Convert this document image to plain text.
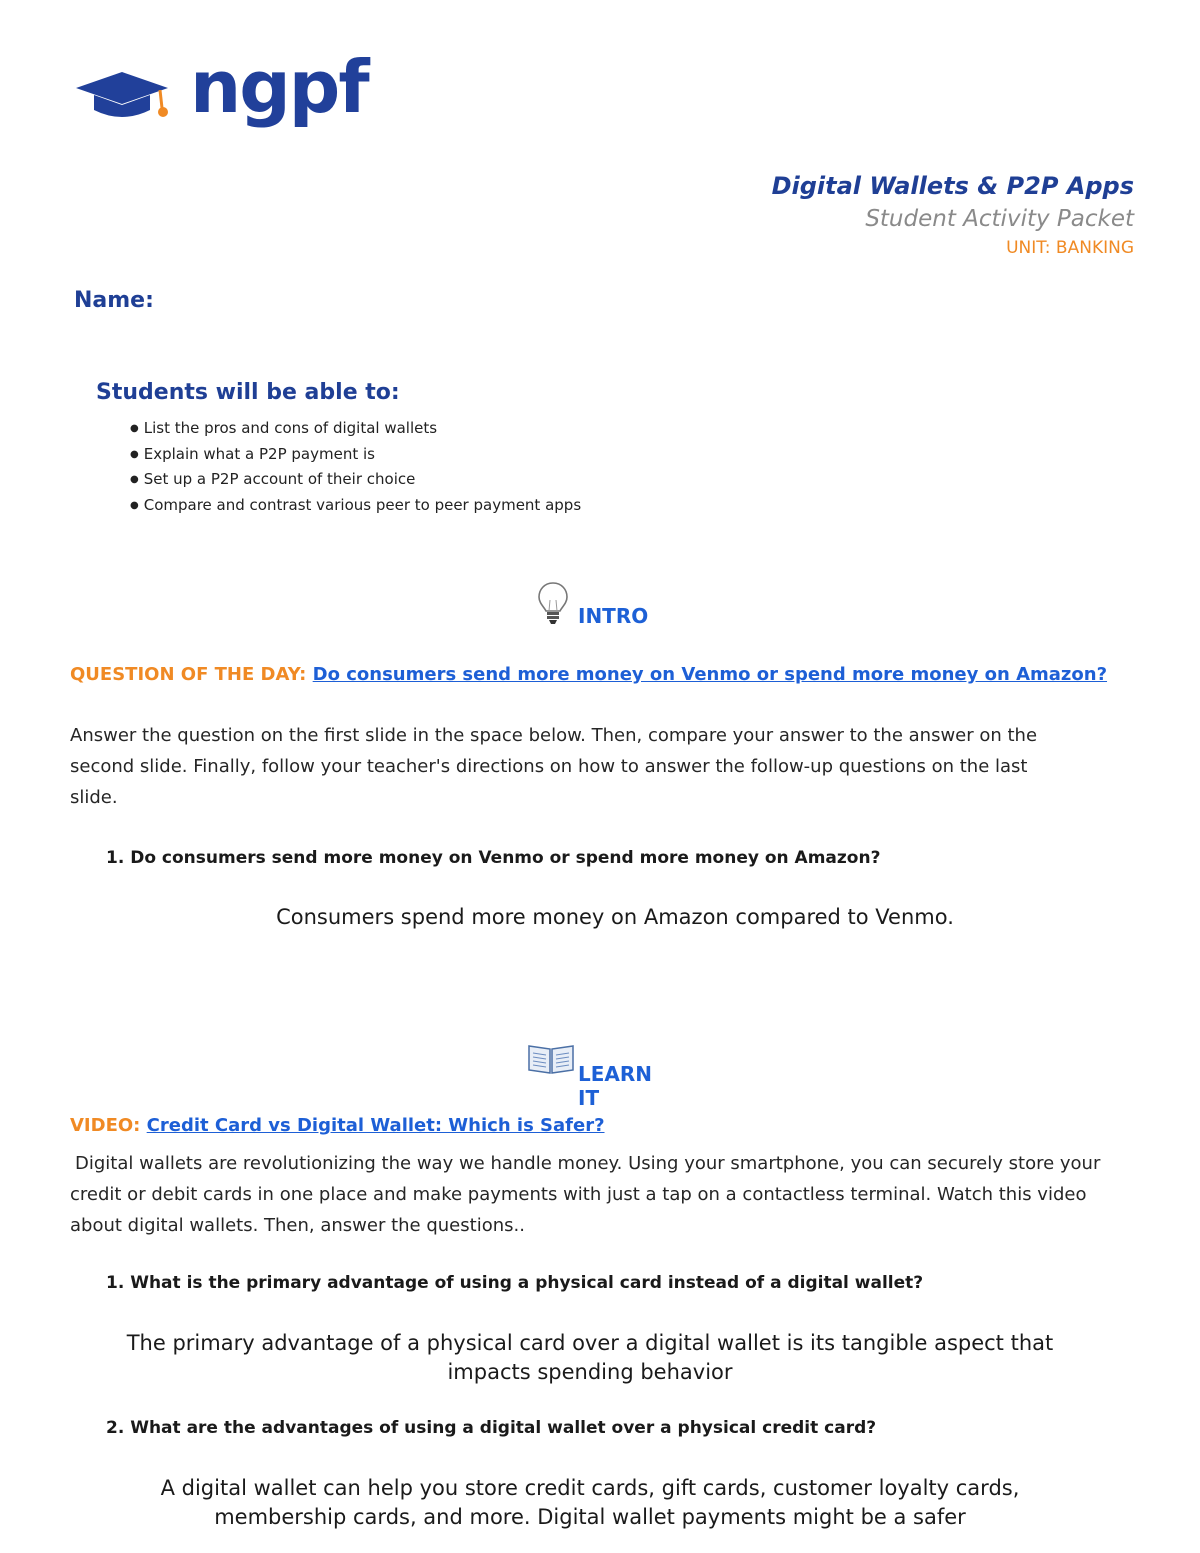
ngpf
Digital Wallets & P2P Apps
Student Activity Packet
UNIT: BANKING
Name:
Students will be able to:
● List the pros and cons of digital wallets
● Explain what a P2P payment is
● Set up a P2P account of their choice
● Compare and contrast various peer to peer payment apps
INTRO
QUESTION OF THE DAY: Do consumers send more money on Venmo or spend more money on Amazon?
Answer the question on the first slide in the space below. Then, compare your answer to the answer on the second slide. Finally, follow your teacher's directions on how to answer the follow-up questions on the last slide.
1. Do consumers send more money on Venmo or spend more money on Amazon?
Consumers spend more money on Amazon compared to Venmo.
LEARN IT
VIDEO: Credit Card vs Digital Wallet: Which is Safer?
Digital wallets are revolutionizing the way we handle money. Using your smartphone, you can securely store your credit or debit cards in one place and make payments with just a tap on a contactless terminal. Watch this video about digital wallets. Then, answer the questions..
1. What is the primary advantage of using a physical card instead of a digital wallet?
The primary advantage of a physical card over a digital wallet is its tangible aspect that impacts spending behavior
2. What are the advantages of using a digital wallet over a physical credit card?
A digital wallet can help you store credit cards, gift cards, customer loyalty cards, membership cards, and more. Digital wallet payments might be a safer
